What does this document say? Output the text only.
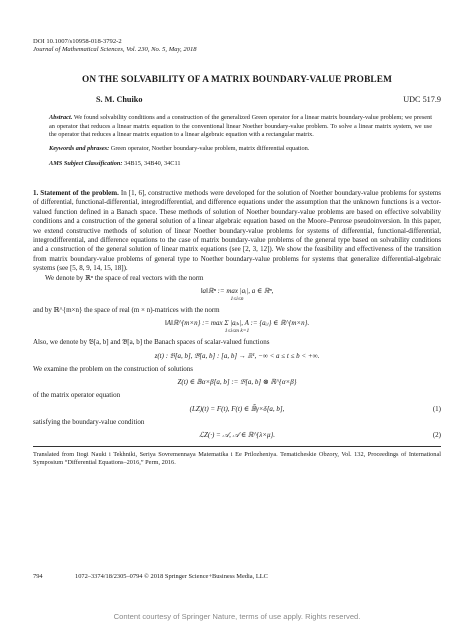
DOI 10.1007/s10958-018-3792-2
Journal of Mathematical Sciences, Vol. 230, No. 5, May, 2018
ON THE SOLVABILITY OF A MATRIX BOUNDARY-VALUE PROBLEM
S. M. Chuiko	UDC 517.9
Abstract. We found solvability conditions and a construction of the generalized Green operator for a linear matrix boundary-value problem; we present an operator that reduces a linear matrix equation to the conventional linear Noether boundary-value problem. To solve a linear matrix system, we use the operator that reduces a linear matrix equation to a linear algebraic equation with a rectangular matrix.
Keywords and phrases: Green operator, Noether boundary-value problem, matrix differential equation.
AMS Subject Classification: 34B15, 34B40, 34C11
1. Statement of the problem. In [1, 6], constructive methods were developed for the solution of Noether boundary-value problems for systems of differential, functional-differential, integrodifferential, and difference equations under the assumption that the unknown functions is a vector-valued function defined in a Banach space. These methods of solution of Noether boundary-value problems are based on effective solvability conditions and a construction of the general solution of a linear algebraic equation based on the Moore–Penrose pseudoinversion. In this paper, we extend constructive methods of solution of linear Noether boundary-value problems for systems of differential, functional-differential, integrodifferential, and difference equations to the case of matrix boundary-value problems of the general type based on solvability conditions and a construction of the general solution of linear matrix equations (see [2, 3, 12]). We show the feasibility and effectiveness of the transition from matrix boundary-value problems of general type to Noether boundary-value problems for systems that generalize differential-algebraic systems (see [5, 8, 9, 14, 15, 18]).
We denote by ℝⁿ the space of real vectors with the norm
‖a‖ℝⁿ := max |aᵢ|, a ∈ ℝⁿ,
1≤i≤n
and by ℝ^{m×n} the space of real (m × n)-matrices with the norm
‖A‖ℝ^{m×n} := max Σ |aᵢₖ|, A := {aᵢⱼ} ∈ ℝ^{m×n}.
1≤i≤m k=1
Also, we denote by 𝔅[a, b] and 𝔅̃[a, b] the Banach spaces of scalar-valued functions
z(t) : 𝔅[a, b], 𝔅̃[a, b] : [a, b] → ℝ¹, −∞ < a ≤ t ≤ b < +∞.
We examine the problem on the construction of solutions
Z(t) ∈ 𝔹α×β[a, b] := 𝔅[a, b] ⊗ ℝ^{α×β}
of the matrix operator equation
(LZ)(t) = F(t), F(t) ∈ 𝔹̃γ×δ[a, b],	(1)
satisfying the boundary-value condition
ℒZ(·) = 𝒜, 𝒜 ∈ ℝ^{λ×μ}.	(2)
Translated from Itogi Nauki i Tekhniki, Seriya Sovremennaya Matematika i Ee Prilozheniya. Tematicheskie Obzory, Vol. 132, Proceedings of International Symposium “Differential Equations–2016,” Perm, 2016.
794	1072–3374/18/2305–0794 © 2018 Springer Science+Business Media, LLC
Content courtesy of Springer Nature, terms of use apply. Rights reserved.
